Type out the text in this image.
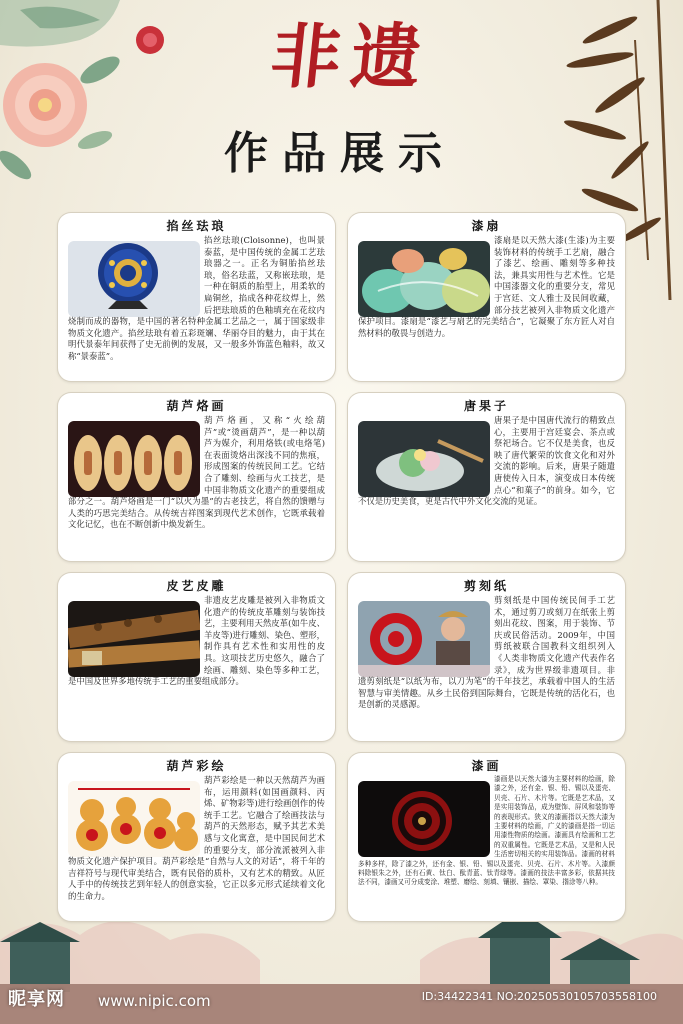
非遗
作品展示
掐丝珐琅
掐丝珐琅(Cloisonne)，也叫景泰蓝，是中国传统的金属工艺珐琅器之一。正名为铜胎掐丝珐琅，俗名珐蓝，又称嵌珐琅，是一种在铜质的胎型上，用柔软的扁铜丝，掐成各种花纹焊上，然后把珐琅质的色釉填充在花纹内烧制而成的器物，是中国的著名特种金属工艺品之一，属于国家级非物质文化遗产。掐丝珐琅有着五彩斑斓、华丽夺目的魅力，由于其在明代景泰年间获得了史无前例的发展，又一般多外饰蓝色釉料，故又称“景泰蓝”。
漆扇
漆扇是以天然大漆(生漆)为主要装饰材料的传统手工艺扇，融合了漆艺、绘画、雕刻等多种技法，兼具实用性与艺术性。它是中国漆器文化的重要分支，常见于宫廷、文人雅士及民间收藏，部分技艺被列入非物质文化遗产保护项目。漆扇是“漆艺与扇艺的完美结合”，它凝聚了东方匠人对自然材料的敬畏与创造力。
葫芦烙画
葫芦烙画，又称“火绘葫芦”或“烫画葫芦”，是一种以葫芦为媒介，利用烙铁(或电烙笔)在表面烫烙出深浅不同的焦痕，形成图案的传统民间工艺。它结合了雕刻、绘画与火工技艺，是中国非物质文化遗产的重要组成部分之一。葫芦烙画是一门“以火为墨”的古老技艺，将自然的馈赠与人类的巧思完美结合。从传统吉祥图案到现代艺术创作，它既承载着文化记忆，也在不断创新中焕发新生。
唐果子
唐果子是中国唐代流行的精致点心，主要用于宫廷宴会、茶点或祭祀场合。它不仅是美食，也反映了唐代繁荣的饮食文化和对外交流的影响。后来，唐果子随遣唐使传入日本，演变成日本传统点心“和菓子”的前身。如今，它不仅是历史美食，更是古代中外文化交流的见证。
皮艺皮雕
非遗皮艺皮雕是被列入非物质文化遗产的传统皮革雕刻与装饰技艺，主要利用天然皮革(如牛皮、羊皮等)进行雕刻、染色、塑形，制作具有艺术性和实用性的皮具。这项技艺历史悠久，融合了绘画、雕刻、染色等多种工艺，是中国及世界多地传统手工艺的重要组成部分。
剪刻纸
剪刻纸是中国传统民间手工艺术，通过剪刀或刻刀在纸张上剪刻出花纹、图案，用于装饰、节庆或民俗活动。2009年，中国剪纸被联合国教科文组织列入《人类非物质文化遗产代表作名录》，成为世界级非遗项目。非遗剪刻纸是“以纸为布，以刀为笔”的千年技艺，承载着中国人的生活智慧与审美情趣。从乡土民俗到国际舞台，它既是传统的活化石，也是创新的灵感源。
葫芦彩绘
葫芦彩绘是一种以天然葫芦为画布，运用颜料(如国画颜料、丙烯、矿物彩等)进行绘画创作的传统手工艺。它融合了绘画技法与葫芦的天然形态，赋予其艺术美感与文化寓意，是中国民间艺术的重要分支，部分流派被列入非物质文化遗产保护项目。葫芦彩绘是“自然与人文的对话”，将千年的吉祥符号与现代审美结合，既有民俗的质朴，又有艺术的精致。从匠人手中的传统技艺到年轻人的创意实验，它正以多元形式延续着文化的生命力。
漆画
漆画是以天然大漆为主要材料的绘画，除漆之外，还有金、银、铅、锡以及蛋壳、贝壳、石片、木片等。它既是艺术品，又是实用装饰品，成为壁饰、屏风和装饰等的表现形式。狭义的漆画指以天然大漆为主要材料的绘画，广义的漆画是指一切运用漆性物质的绘画。漆画具有绘画和工艺的双重属性。它既是艺术品，又是和人民生活密切相关的实用装饰品。漆画的材料多种多样，除了漆之外，还有金、银、铅、锡以及蛋壳、贝壳、石片、木片等。入漆颜料除银朱之外，还有石黄、钛白、酞青蓝、钛青绿等。漆画的技法丰富多彩，依据其技法不同，漆画又可分成变涂、堆塑、磨绘、刻填、镶嵌、描绘、罩染、揩涂等八种。
昵享网 www.nipic.com	ID:34422341 NO:20250530105703558100
